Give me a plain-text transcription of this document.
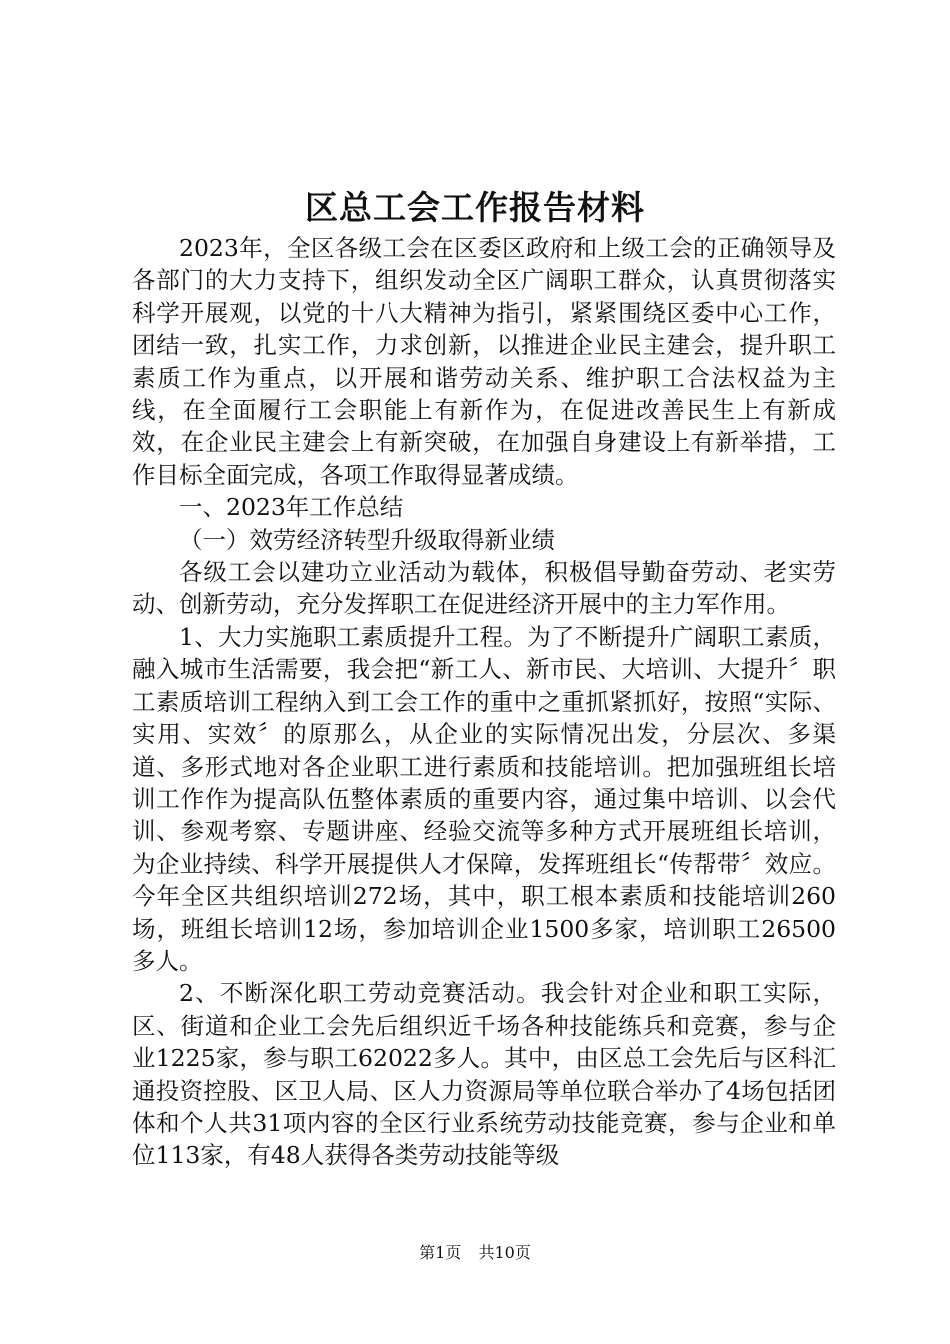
区总工会工作报告材料

2023年，全区各级工会在区委区政府和上级工会的正确领导及各部门的大力支持下，组织发动全区广阔职工群众，认真贯彻落实科学开展观，以党的十八大精神为指引，紧紧围绕区委中心工作，团结一致，扎实工作，力求创新，以推进企业民主建会，提升职工素质工作为重点，以开展和谐劳动关系、维护职工合法权益为主线，在全面履行工会职能上有新作为，在促进改善民生上有新成效，在企业民主建会上有新突破，在加强自身建设上有新举措，工作目标全面完成，各项工作取得显著成绩。

一、2023年工作总结

（一）效劳经济转型升级取得新业绩

各级工会以建功立业活动为载体，积极倡导勤奋劳动、老实劳动、创新劳动，充分发挥职工在促进经济开展中的主力军作用。

1、大力实施职工素质提升工程。为了不断提升广阔职工素质，融入城市生活需要，我会把“新工人、新市民、大培训、大提升〞职工素质培训工程纳入到工会工作的重中之重抓紧抓好，按照“实际、实用、实效〞的原那么，从企业的实际情况出发，分层次、多渠道、多形式地对各企业职工进行素质和技能培训。把加强班组长培训工作作为提高队伍整体素质的重要内容，通过集中培训、以会代训、参观考察、专题讲座、经验交流等多种方式开展班组长培训，为企业持续、科学开展提供人才保障，发挥班组长“传帮带〞效应。今年全区共组织培训272场，其中，职工根本素质和技能培训260场，班组长培训12场，参加培训企业1500多家，培训职工26500多人。

2、不断深化职工劳动竞赛活动。我会针对企业和职工实际，区、街道和企业工会先后组织近千场各种技能练兵和竞赛，参与企业1225家，参与职工62022多人。其中，由区总工会先后与区科汇通投资控股、区卫人局、区人力资源局等单位联合举办了4场包括团体和个人共31项内容的全区行业系统劳动技能竞赛，参与企业和单位113家，有48人获得各类劳动技能等级

第1页 共10页
